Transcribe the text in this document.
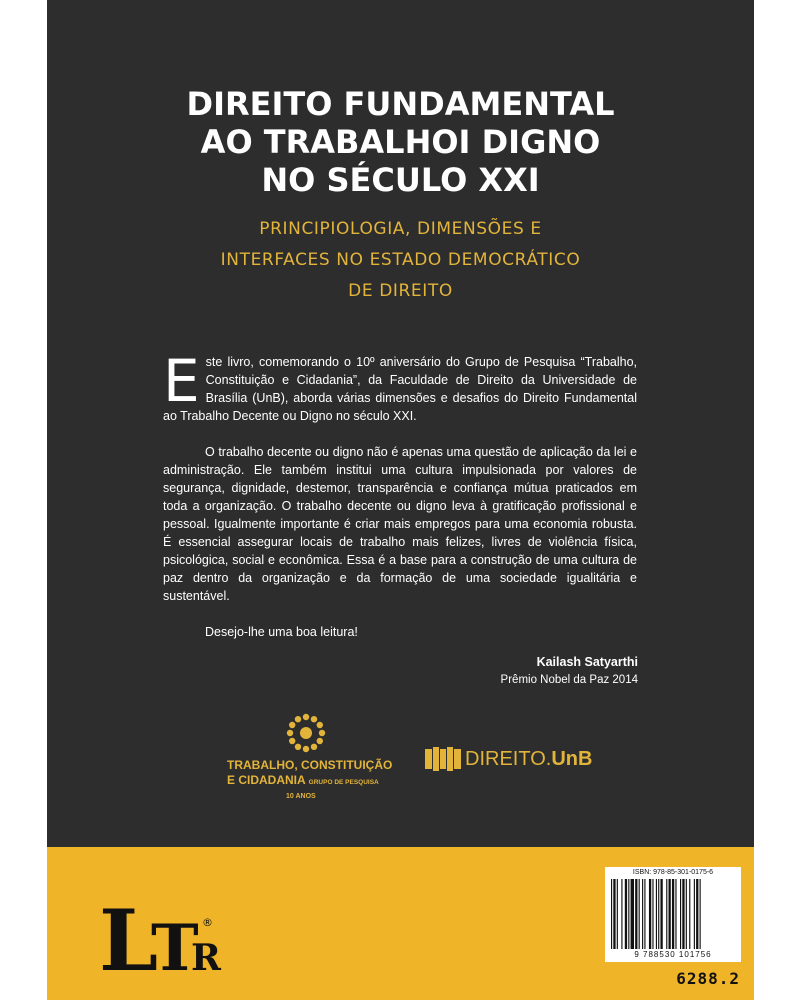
DIREITO FUNDAMENTAL
AO TRABALHOI DIGNO
NO SÉCULO XXI
PRINCIPIOLOGIA, DIMENSÕES E
INTERFACES NO ESTADO DEMOCRÁTICO
DE DIREITO

Este livro, comemorando o 10º aniversário do Grupo de Pesquisa “Trabalho, Constituição e Cidadania”, da Faculdade de Direito da Universidade de Brasília (UnB), aborda várias dimensões e desafios do Direito Fundamental ao Trabalho Decente ou Digno no século XXI.

O trabalho decente ou digno não é apenas uma questão de aplicação da lei e administração. Ele também institui uma cultura impulsionada por valores de segurança, dignidade, destemor, transparência e confiança mútua praticados em toda a organização. O trabalho decente ou digno leva à gratificação profissional e pessoal. Igualmente importante é criar mais empregos para uma economia robusta. É essencial assegurar locais de trabalho mais felizes, livres de violência física, psicológica, social e econômica. Essa é a base para a construção de uma cultura de paz dentro da organização e da formação de uma sociedade igualitária e sustentável.

Desejo-lhe uma boa leitura!

Kailash Satyarthi
Prêmio Nobel da Paz 2014
TRABALHO, CONSTITUIÇÃO
E CIDADANIA GRUPO DE PESQUISA
10 ANOS
DIREITO.UnB
L
T
R
®
ISBN: 978-85-301-0175-6
9 788530 101756
6288.2
